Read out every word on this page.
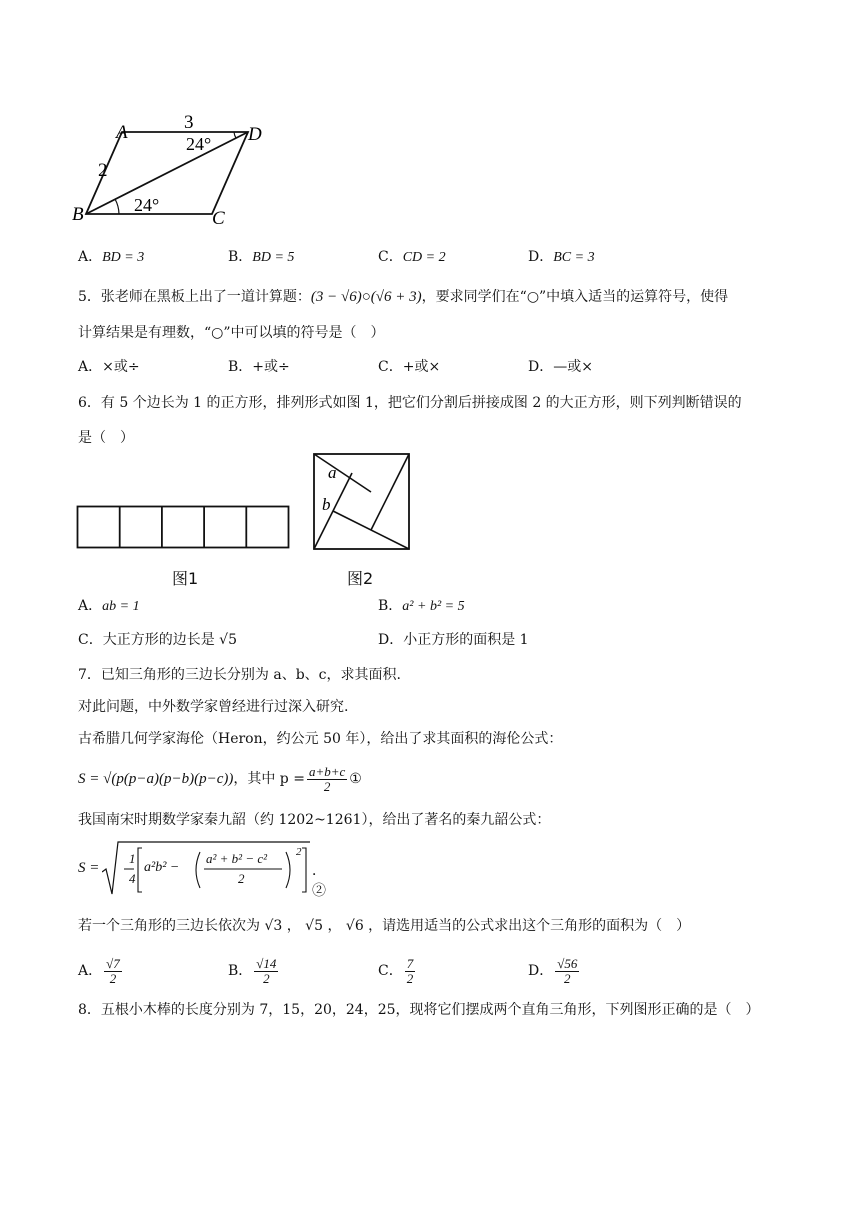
A
B	C
D
3
2
24°
24°
A．BD = 3	B．BD = 5	C．CD = 2	D．BC = 3
5．张老师在黑板上出了一道计算题：(3 − √6)○(√6 + 3)，要求同学们在“○”中填入适当的运算符号，使得
计算结果是有理数，“○”中可以填的符号是（　）
A．×或÷	B．+或÷	C．+或×	D．—或×
6．有 5 个边长为 1 的正方形，排列形式如图 1，把它们分割后拼接成图 2 的大正方形，则下列判断错误的
是（　）
图1
a
b
图2
A．ab = 1	B．a² + b² = 5
C．大正方形的边长是 √5	D．小正方形的面积是 1
7．已知三角形的三边长分别为 a、b、c，求其面积.
对此问题，中外数学家曾经进行过深入研究.
古希腊几何学家海伦（Heron，约公元 50 年），给出了求其面积的海伦公式：
S = √(p(p−a)(p−b)(p−c))，其中 $p = \frac{a+b+c}{2}$ ①
我国南宋时期数学家秦九韶（约 1202~1261），给出了著名的秦九韶公式：
S =
1
4
a²b² −
a² + b² − c²
2
2
．②
若一个三角形的三边长依次为 √3 ， √5 ， √6 ，请选用适当的公式求出这个三角形的面积为（　）
A． $\frac{√7}{2}$	B． $\frac{√14}{2}$	C． $\frac{7}{2}$	D． $\frac{√56}{2}$
8．五根小木棒的长度分别为 7，15，20，24，25，现将它们摆成两个直角三角形，下列图形正确的是（　）
